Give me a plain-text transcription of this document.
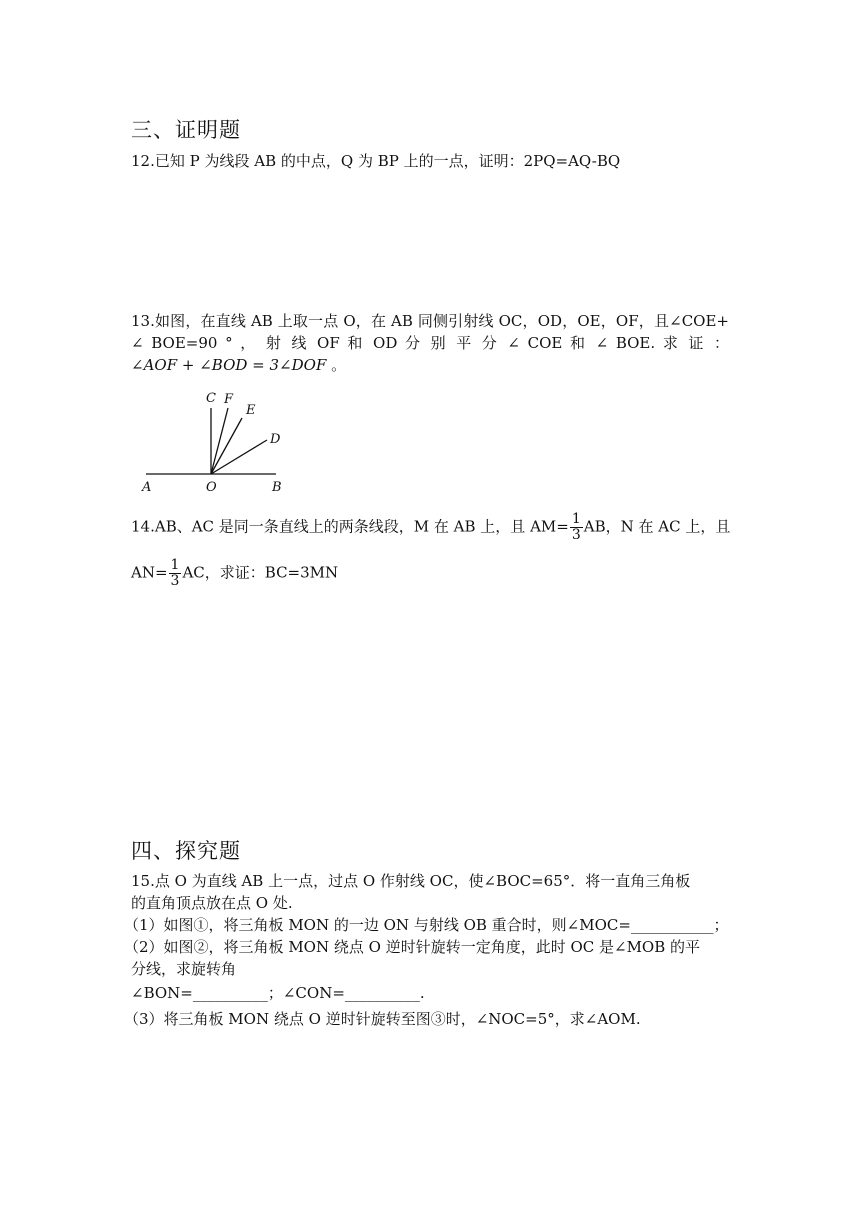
三、证明题
12.已知 P 为线段 AB 的中点，Q 为 BP 上的一点，证明：2PQ=AQ-BQ
13.如图，在直线 AB 上取一点 O，在 AB 同侧引射线 OC，OD，OE，OF，且∠COE+
∠ BOE=90 ° ， 射 线 OF 和 OD 分 别 平 分 ∠ COE 和 ∠ BOE. 求 证 ：
∠AOF + ∠BOD = 3∠DOF 。
C F
E
D
A	O	B
14.AB、AC 是同一条直线上的两条线段，M 在 AB 上，且 $AM= \frac{1}{3}$ AB，N 在 AC 上，且
$AN= \frac{1}{3}$ AC，求证：BC=3MN
四、探究题
15.点 O 为直线 AB 上一点，过点 O 作射线 OC，使∠BOC=65°．将一直角三角板
的直角顶点放在点 O 处.
（1）如图①，将三角板 MON 的一边 ON 与射线 OB 重合时，则∠MOC=___________；
（2）如图②，将三角板 MON 绕点 O 逆时针旋转一定角度，此时 OC 是∠MOB 的平
分线，求旋转角
∠BON=__________；∠CON=__________.
（3）将三角板 MON 绕点 O 逆时针旋转至图③时，∠NOC=5°，求∠AOM.
